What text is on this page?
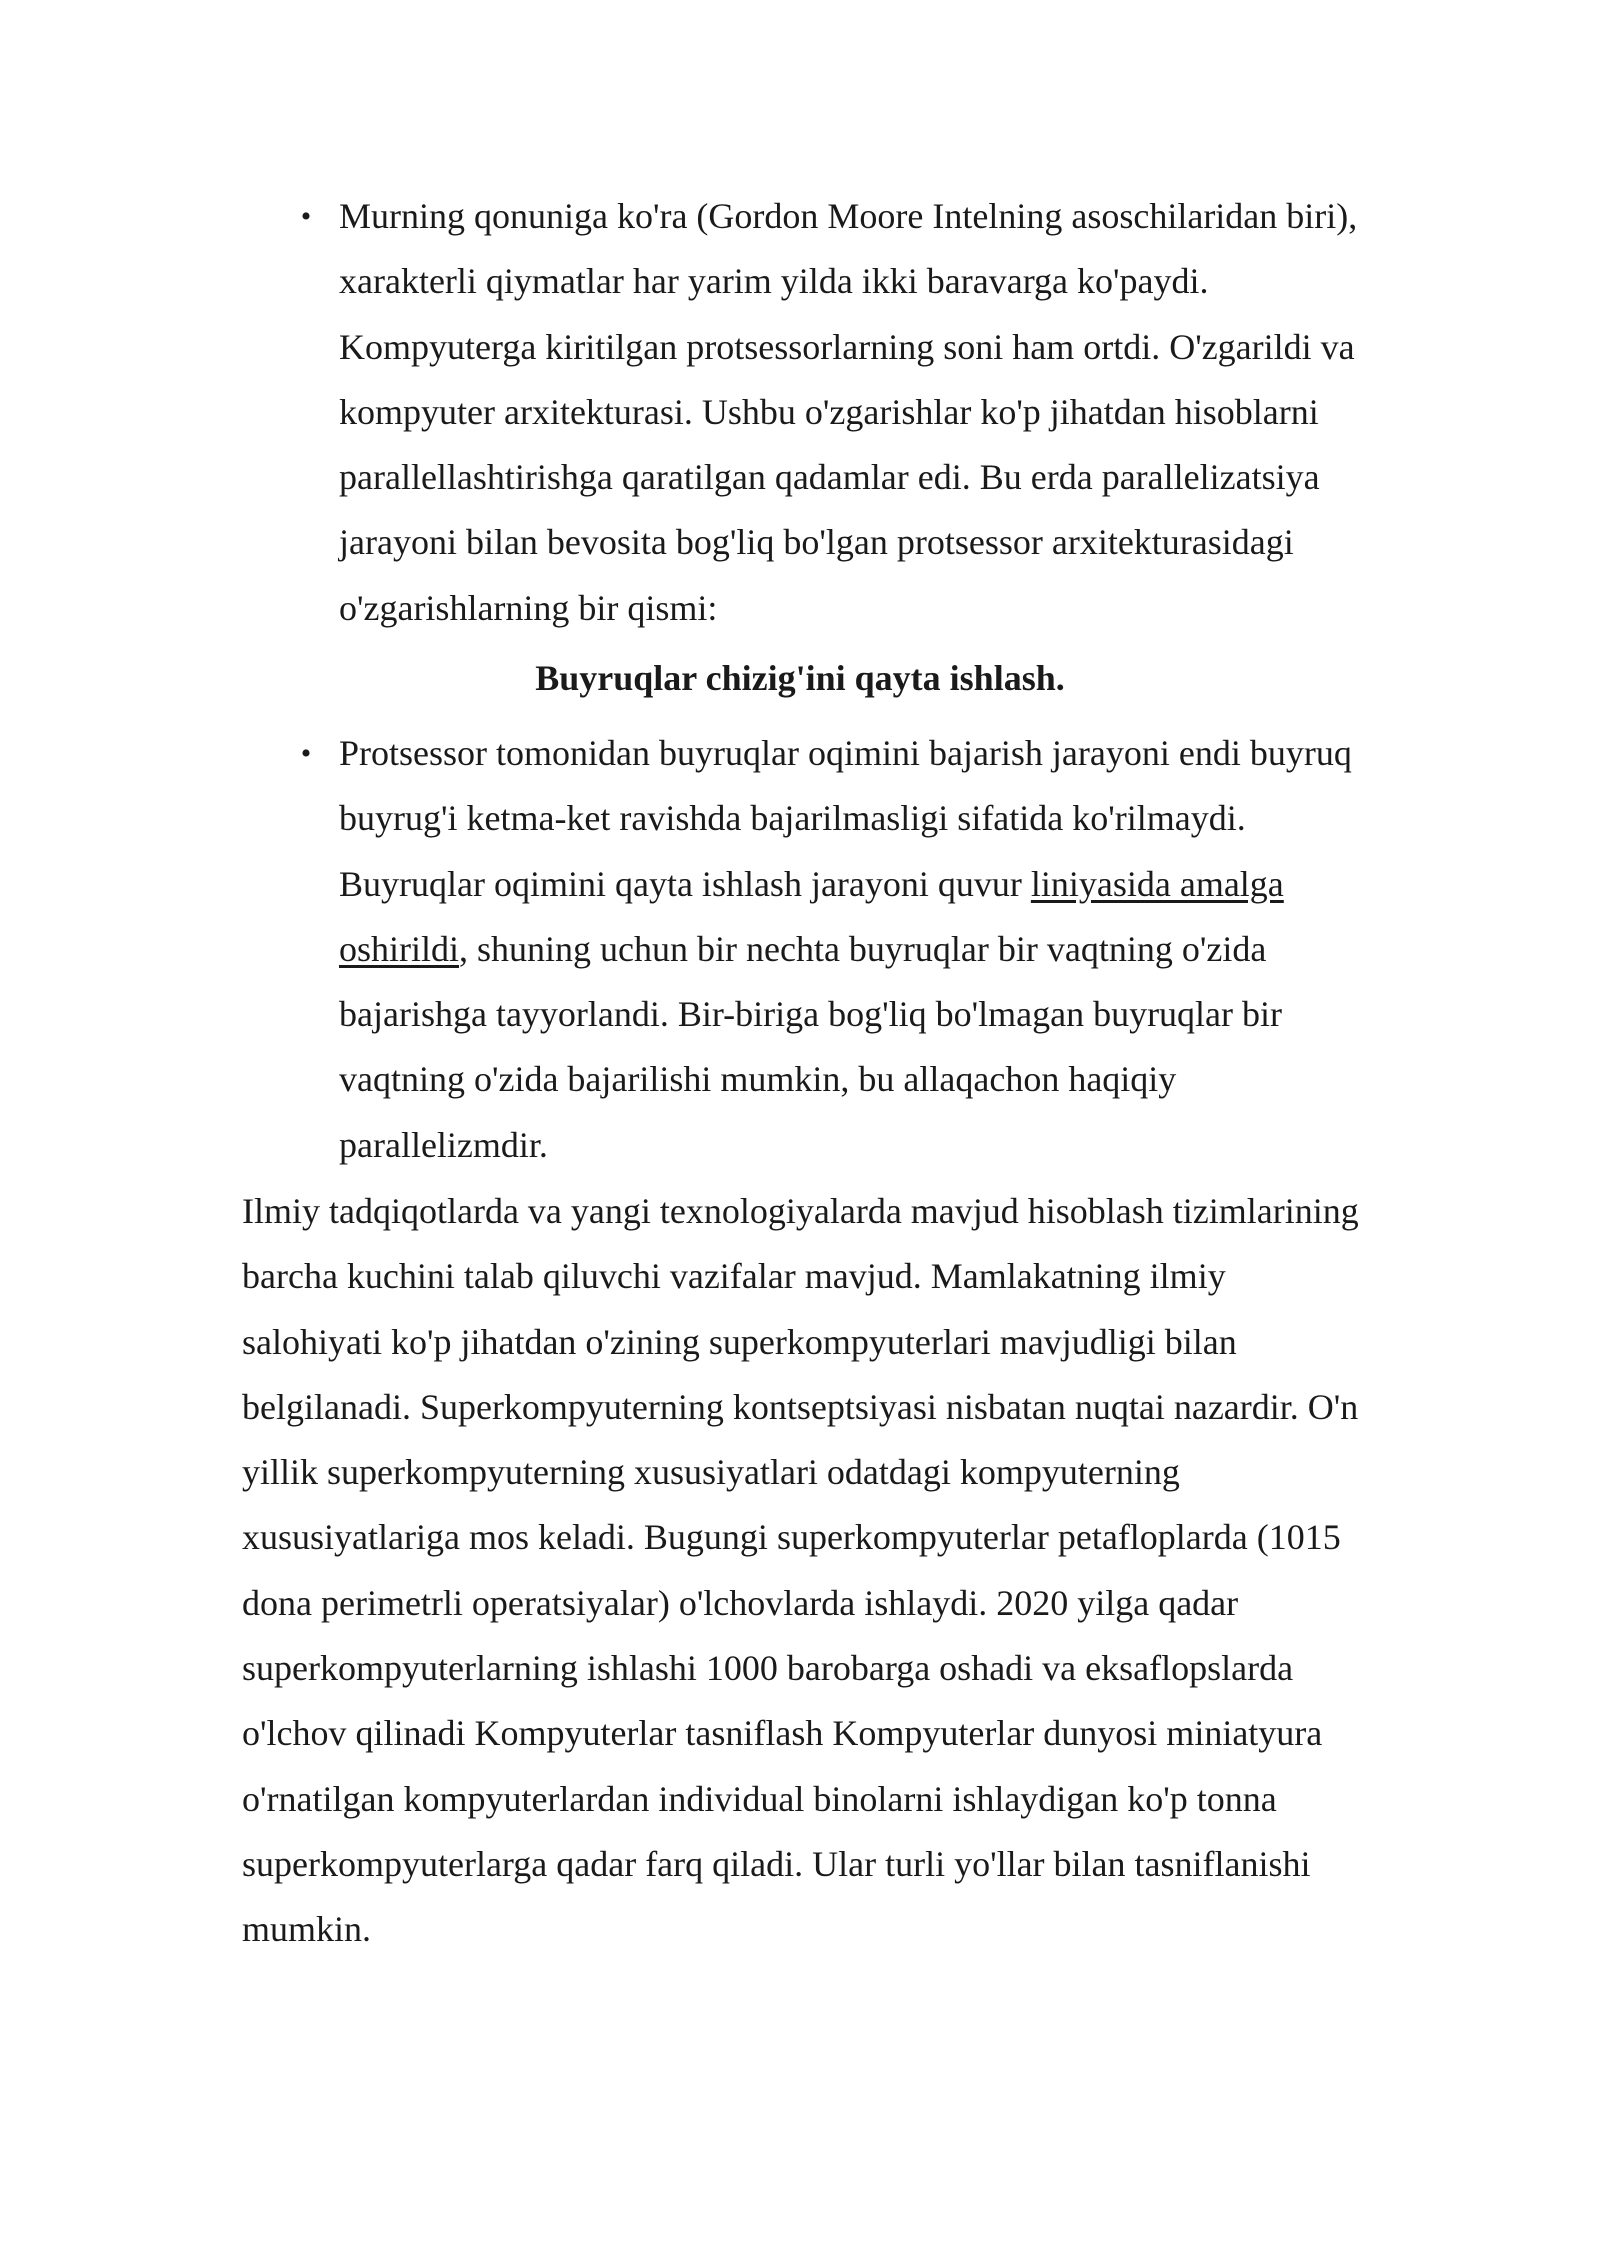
• Murning qonuniga ko'ra (Gordon Moore Intelning asoschilaridan biri), xarakterli qiymatlar har yarim yilda ikki baravarga ko'paydi. Kompyuterga kiritilgan protsessorlarning soni ham ortdi. O'zgarildi va kompyuter arxitekturasi. Ushbu o'zgarishlar ko'p jihatdan hisoblarni parallellashtirishga qaratilgan qadamlar edi. Bu erda parallelizatsiya jarayoni bilan bevosita bog'liq bo'lgan protsessor arxitekturasidagi o'zgarishlarning bir qismi:
Buyruqlar chizig'ini qayta ishlash.
• Protsessor tomonidan buyruqlar oqimini bajarish jarayoni endi buyruq buyrug'i ketma-ket ravishda bajarilmasligi sifatida ko'rilmaydi. Buyruqlar oqimini qayta ishlash jarayoni quvur liniyasida amalga oshirildi, shuning uchun bir nechta buyruqlar bir vaqtning o'zida bajarishga tayyorlandi. Bir-biriga bog'liq bo'lmagan buyruqlar bir vaqtning o'zida bajarilishi mumkin, bu allaqachon haqiqiy parallelizmdir.

Ilmiy tadqiqotlarda va yangi texnologiyalarda mavjud hisoblash tizimlarining barcha kuchini talab qiluvchi vazifalar mavjud. Mamlakatning ilmiy salohiyati ko'p jihatdan o'zining superkompyuterlari mavjudligi bilan belgilanadi. Superkompyuterning kontseptsiyasi nisbatan nuqtai nazardir. O'n yillik superkompyuterning xususiyatlari odatdagi kompyuterning xususiyatlariga mos keladi. Bugungi superkompyuterlar petafloplarda (1015 dona perimetrli operatsiyalar) o'lchovlarda ishlaydi. 2020 yilga qadar superkompyuterlarning ishlashi 1000 barobarga oshadi va eksaflopslarda o'lchov qilinadi Kompyuterlar tasniflash Kompyuterlar dunyosi miniatyura o'rnatilgan kompyuterlardan individual binolarni ishlaydigan ko'p tonna superkompyuterlarga qadar farq qiladi. Ular turli yo'llar bilan tasniflanishi mumkin.
